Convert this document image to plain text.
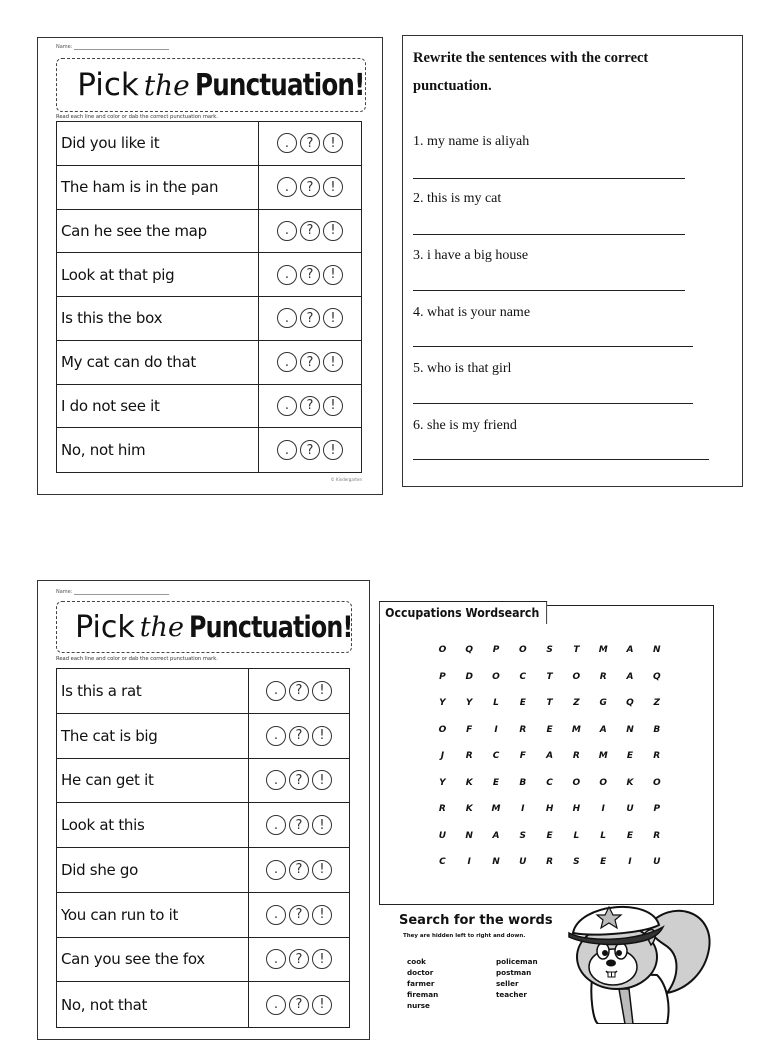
Name:
Pick the Punctuation!
Read each line and color or dab the correct punctuation mark.
Did you like it	.	?	!
The ham is in the pan	.	?	!
Can he see the map	.	?	!
Look at that pig	.	?	!
Is this the box	.	?	!
My cat can do that	.	?	!
I do not see it	.	?	!
No, not him	.	?	!
© Kindergarten
Rewrite the sentences with the correct punctuation.
1. my name is aliyah
2. this is my cat
3. i have a big house
4. what is your name
5. who is that girl
6. she is my friend
Name:
Pick the Punctuation!
Read each line and color or dab the correct punctuation mark.
Is this a rat	.	?	!
The cat is big	.	?	!
He can get it	.	?	!
Look at this	.	?	!
Did she go	.	?	!
You can run to it	.	?	!
Can you see the fox	.	?	!
No, not that	.	?	!
Occupations Wordsearch
O	Q	P	O	S	T	M	A	N
P	D	O	C	T	O	R	A	Q
Y	Y	L	E	T	Z	G	Q	Z
O	F	I	R	E	M	A	N	B
J	R	C	F	A	R	M	E	R
Y	K	E	B	C	O	O	K	O
R	K	M	I	H	H	I	U	P
U	N	A	S	E	L	L	E	R
C	I	N	U	R	S	E	I	U
Search for the words
They are hidden left to right and down.
cook
doctor
farmer
fireman
nurse
policeman
postman
seller
teacher
